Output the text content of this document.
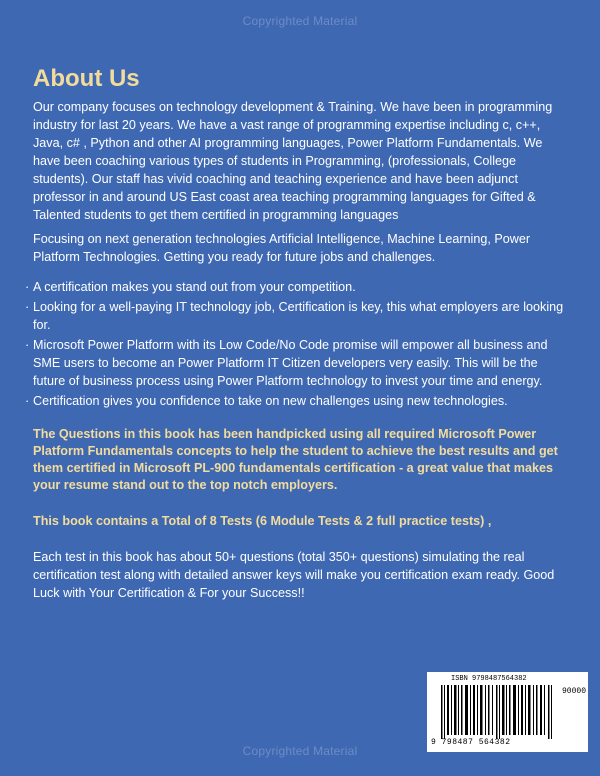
Copyrighted Material
About Us

Our company focuses on technology development & Training. We have been in programming industry for last 20 years. We have a vast range of programming expertise including c, c++, Java, c# , Python and other AI programming languages, Power Platform Fundamentals. We have been coaching various types of students in Programming, (professionals, College students). Our staff has vivid coaching and teaching experience and have been adjunct professor in and around US East coast area teaching programming languages for Gifted & Talented students to get them certified in programming languages

Focusing on next generation technologies Artificial Intelligence, Machine Learning, Power Platform Technologies. Getting you ready for future jobs and challenges.

· A certification makes you stand out from your competition.
· Looking for a well-paying IT technology job, Certification is key, this what employers are looking for.
· Microsoft Power Platform with its Low Code/No Code promise will empower all business and SME users to become an Power Platform IT Citizen developers very easily. This will be the future of business process using Power Platform technology to invest your time and energy.
· Certification gives you confidence to take on new challenges using new technologies.

The Questions in this book has been handpicked using all required Microsoft Power Platform Fundamentals concepts to help the student to achieve the best results and get them certified in Microsoft PL-900 fundamentals certification - a great value that makes your resume stand out to the top notch employers.

This book contains a Total of 8 Tests (6 Module Tests & 2 full practice tests) ,

Each test in this book has about 50+ questions (total 350+ questions) simulating the real certification test along with detailed answer keys will make you certification exam ready. Good Luck with Your Certification & For your Success!!

ISBN 9798487564382
90000
9 798487 564382
Copyrighted Material
